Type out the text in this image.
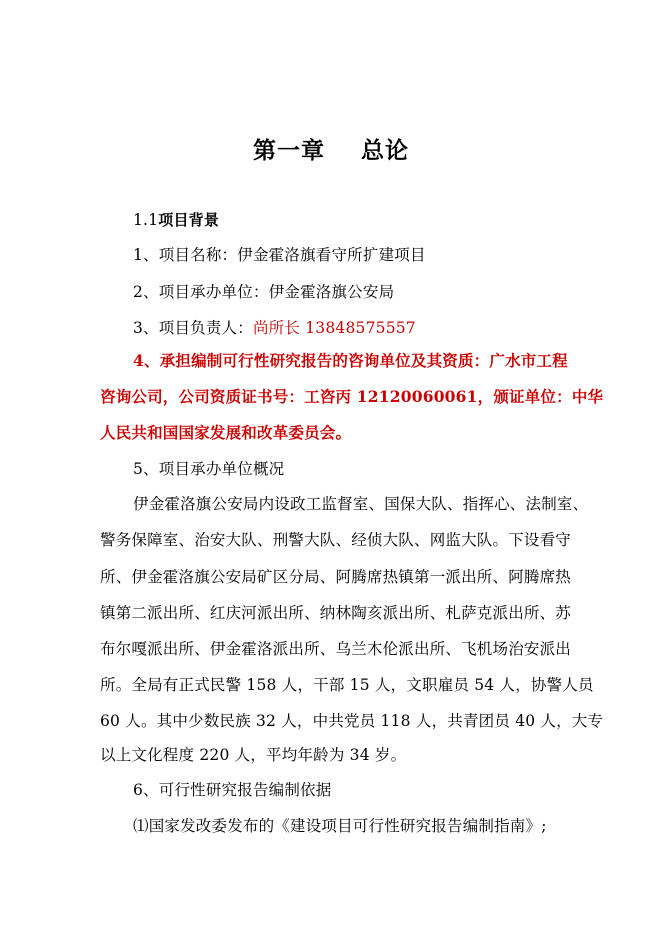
第一章    总论
1.1项目背景
1、项目名称：伊金霍洛旗看守所扩建项目
2、项目承办单位：伊金霍洛旗公安局
3、项目负责人：尚所长 13848575557
4、承担编制可行性研究报告的咨询单位及其资质：广水市工程
咨询公司，公司资质证书号：工咨丙 12120060061，颁证单位：中华
人民共和国国家发展和改革委员会。
5、项目承办单位概况
伊金霍洛旗公安局内设政工监督室、国保大队、指挥心、法制室、
警务保障室、治安大队、刑警大队、经侦大队、网监大队。下设看守
所、伊金霍洛旗公安局矿区分局、阿腾席热镇第一派出所、阿腾席热
镇第二派出所、红庆河派出所、纳林陶亥派出所、札萨克派出所、苏
布尔嘎派出所、伊金霍洛派出所、乌兰木伦派出所、飞机场治安派出
所。全局有正式民警 158 人，干部 15 人，文职雇员 54 人，协警人员
60 人。其中少数民族 32 人，中共党员 118 人，共青团员 40 人，大专
以上文化程度 220 人，平均年龄为 34 岁。
6、可行性研究报告编制依据
⑴国家发改委发布的《建设项目可行性研究报告编制指南》;
